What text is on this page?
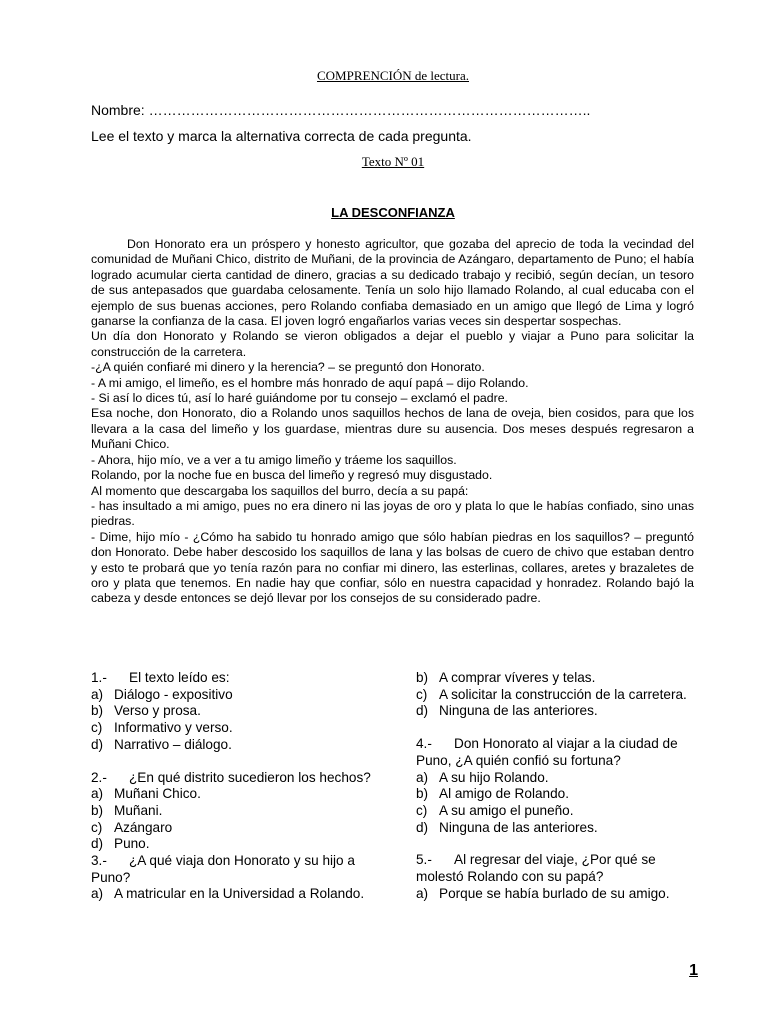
COMPRENCIÓN de lectura.
Nombre: …………………………………………………………………………………..
Lee el texto y marca la alternativa correcta de cada pregunta.
Texto Nº 01
LA DESCONFIANZA

Don Honorato era un próspero y honesto agricultor, que gozaba del aprecio de toda la vecindad del comunidad de Muñani Chico, distrito de Muñani, de la provincia de Azángaro, departamento de Puno; el había logrado acumular cierta cantidad de dinero, gracias a su dedicado trabajo y recibió, según decían, un tesoro de sus antepasados que guardaba celosamente. Tenía un solo hijo llamado Rolando, al cual educaba con el ejemplo de sus buenas acciones, pero Rolando confiaba demasiado en un amigo que llegó de Lima y logró ganarse la confianza de la casa. El joven logró engañarlos varias veces sin despertar sospechas.

Un día don Honorato y Rolando se vieron obligados a dejar el pueblo y viajar a Puno para solicitar la construcción de la carretera.

-¿A quién confiaré mi dinero y la herencia? – se preguntó don Honorato.

- A mi amigo, el limeño, es el hombre más honrado de aquí papá – dijo Rolando.

- Si así lo dices tú, así lo haré guiándome por tu consejo – exclamó el padre.

Esa noche, don Honorato, dio a Rolando unos saquillos hechos de lana de oveja, bien cosidos, para que los llevara a la casa del limeño y los guardase, mientras dure su ausencia. Dos meses después regresaron a Muñani Chico.

- Ahora, hijo mío, ve a ver a tu amigo limeño y tráeme los saquillos.

Rolando, por la noche fue en busca del limeño y regresó muy disgustado.

Al momento que descargaba los saquillos del burro, decía a su papá:

- has insultado a mi amigo, pues no era dinero ni las joyas de oro y plata lo que le habías confiado, sino unas piedras.

- Dime, hijo mío - ¿Cómo ha sabido tu honrado amigo que sólo habían piedras en los saquillos? – preguntó don Honorato. Debe haber descosido los saquillos de lana y las bolsas de cuero de chivo que estaban dentro y esto te probará que yo tenía razón para no confiar mi dinero, las esterlinas, collares, aretes y brazaletes de oro y plata que tenemos. En nadie hay que confiar, sólo en nuestra capacidad y honradez. Rolando bajó la cabeza y desde entonces se dejó llevar por los consejos de su considerado padre.

1.- El texto leído es:

a) Diálogo - expositivo
b) Verso y prosa.
c) Informativo y verso.
d) Narrativo – diálogo.

2.- ¿En qué distrito sucedieron los hechos?

a) Muñani Chico.
b) Muñani.
c) Azángaro
d) Puno.

3.- ¿A qué viaja don Honorato y su hijo a Puno?

a) A matricular en la Universidad a Rolando.
b) A comprar víveres y telas.
c) A solicitar la construcción de la carretera.
d) Ninguna de las anteriores.

4.- Don Honorato al viajar a la ciudad de Puno, ¿A quién confió su fortuna?

a) A su hijo Rolando.
b) Al amigo de Rolando.
c) A su amigo el puneño.
d) Ninguna de las anteriores.

5.- Al regresar del viaje, ¿Por qué se molestó Rolando con su papá?

a) Porque se había burlado de su amigo.
1
